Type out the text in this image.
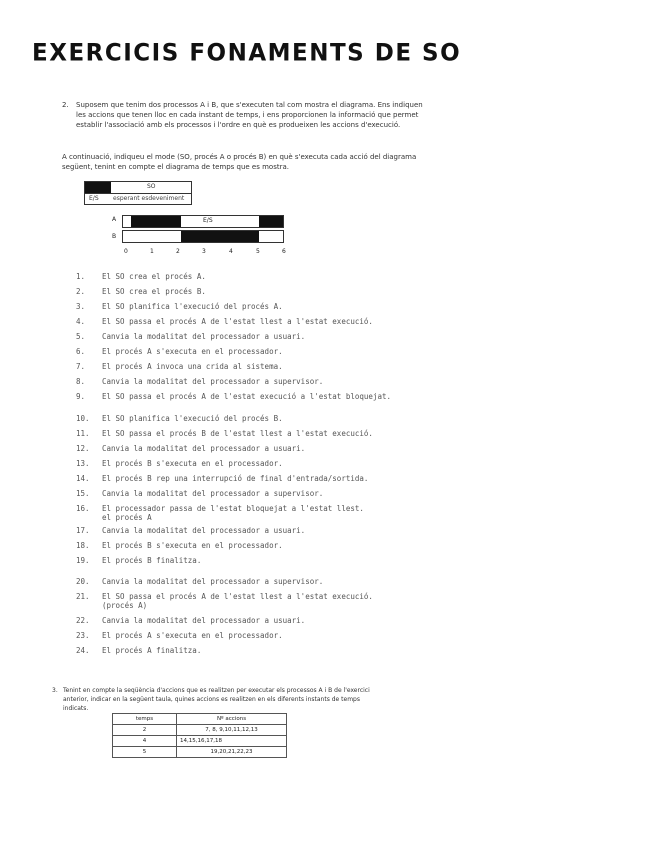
EXERCICIS FONAMENTS DE SO
2. Suposem que tenim dos processos A i B, que s'executen tal com mostra el diagrama. Ens indiquen les accions que tenen lloc en cada instant de temps, i ens proporcionen la informació que permet establir l'associació amb els processos i l'ordre en què es produeixen les accions d'execució.
A continuació, indiqueu el mode (SO, procés A o procés B) en què s'executa cada acció del diagrama següent, tenint en compte el diagrama de temps que es mostra.
SO
E/S esperant esdeveniment
A
B
E/S
0	1	2	3	4	5	6
1. El SO crea el procés A.
2. El SO crea el procés B.
3. El SO planifica l'execució del procés A.
4. El SO passa el procés A de l'estat llest a l'estat execució.
5. Canvia la modalitat del processador a usuari.
6. El procés A s'executa en el processador.
7. El procés A invoca una crida al sistema.
8. Canvia la modalitat del processador a supervisor.
9. El SO passa el procés A de l'estat execució a l'estat bloquejat.
10. El SO planifica l'execució del procés B.
11. El SO passa el procés B de l'estat llest a l'estat execució.
12. Canvia la modalitat del processador a usuari.
13. El procés B s'executa en el processador.
14. El procés B rep una interrupció de final d'entrada/sortida.
15. Canvia la modalitat del processador a supervisor.
16. El processador passa de l'estat bloquejat a l'estat llest.
el procés A
17. Canvia la modalitat del processador a usuari.
18. El procés B s'executa en el processador.
19. El procés B finalitza.
20. Canvia la modalitat del processador a supervisor.
21. El SO passa el procés A de l'estat llest a l'estat execució.
(procés A)
22. Canvia la modalitat del processador a usuari.
23. El procés A s'executa en el processador.
24. El procés A finalitza.
3. Tenint en compte la seqüència d'accions que es realitzen per executar els processos A i B de l'exercici anterior, indicar en la següent taula, quines accions es realitzen en els diferents instants de temps indicats.
temps	Nº accions
2	7, 8, 9,10,11,12,13
4	14,15,16,17,18
5	19,20,21,22,23
